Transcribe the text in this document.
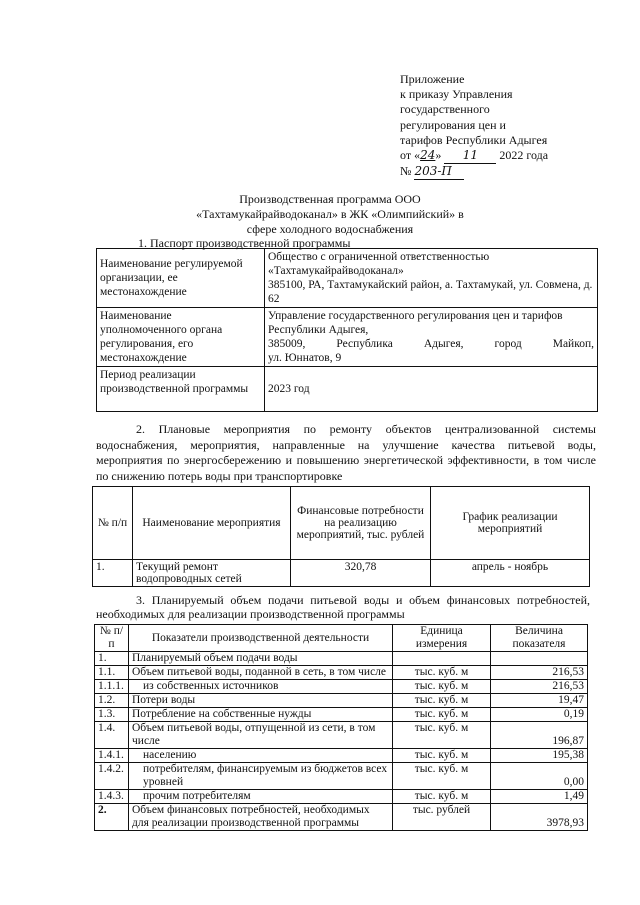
Приложение
к приказу Управления
государственного
регулирования цен и
тарифов Республики Адыгея
от «24» 11 2022 года
№ 203-П
Производственная программа ООО
«Тахтамукайрайводоканал» в ЖК «Олимпийский» в
сфере холодного водоснабжения
1. Паспорт производственной программы
Наименование регулируемой организации, ее местонахождение	Общество с ограниченной ответственностью «Тахтамукайрайводоканал»
385100, РА, Тахтамукайский район, а. Тахтамукай, ул. Совмена, д. 62

Наименование уполномоченного органа регулирования, его местонахождение	Управление государственного регулирования цен и тарифов Республики Адыгея,
385009, Республика Адыгея, город Майкоп,
ул. Юннатов, 9

Период реализации производственной программы	2023 год
2. Плановые мероприятия по ремонту объектов централизованной системы водоснабжения, мероприятия, направленные на улучшение качества питьевой воды, мероприятия по энергосбережению и повышению энергетической эффективности, в том числе по снижению потерь воды при транспортировке
№ п/п	Наименование мероприятия	Финансовые потребности на реализацию мероприятий, тыс. рублей	График реализации мероприятий
1.	Текущий ремонт водопроводных сетей	320,78	апрель - ноябрь
3. Планируемый объем подачи питьевой воды и объем финансовых потребностей, необходимых для реализации производственной программы
№ п/п	Показатели производственной деятельности	Единица измерения	Величина показателя
1.	Планируемый объем подачи воды		
1.1.	Объем питьевой воды, поданной в сеть, в том числе	тыс. куб. м	216,53
1.1.1.	из собственных источников	тыс. куб. м	216,53
1.2.	Потери воды	тыс. куб. м	19,47
1.3.	Потребление на собственные нужды	тыс. куб. м	0,19
1.4.	Объем питьевой воды, отпущенной из сети, в том числе	тыс. куб. м	196,87
1.4.1.	населению	тыс. куб. м	195,38
1.4.2.	потребителям, финансируемым из бюджетов всех уровней	тыс. куб. м	0,00
1.4.3.	прочим потребителям	тыс. куб. м	1,49
2.	Объем финансовых потребностей, необходимых для реализации производственной программы	тыс. рублей	3978,93
